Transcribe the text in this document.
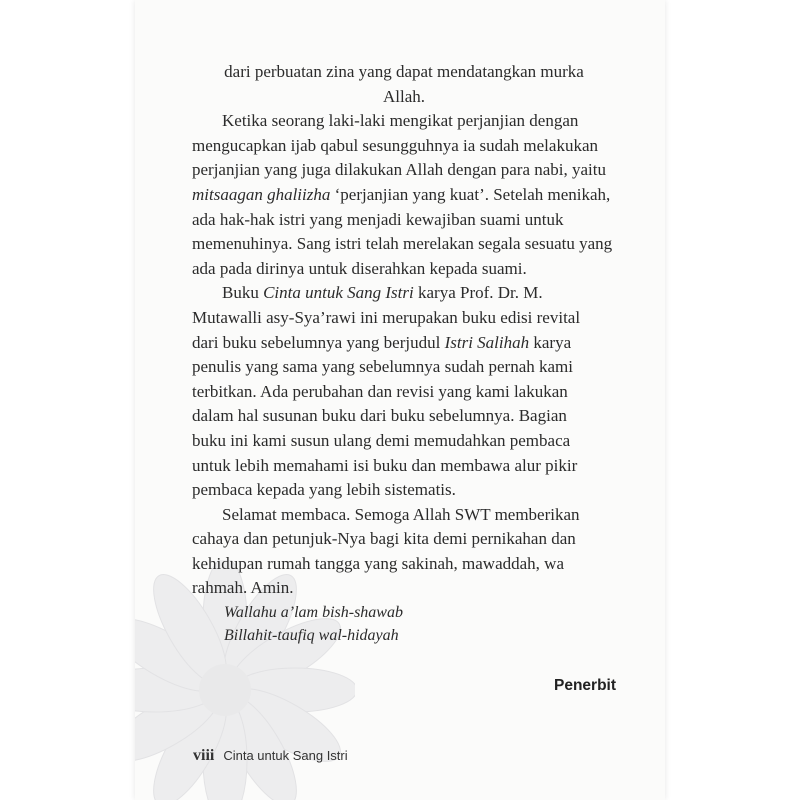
dari perbuatan zina yang dapat mendatangkan murka
Allah.

Ketika seorang laki-laki mengikat perjanjian dengan
mengucapkan ijab qabul sesungguhnya ia sudah melakukan
perjanjian yang juga dilakukan Allah dengan para nabi, yaitu
mitsaagan ghaliizha ‘perjanjian yang kuat’. Setelah menikah,
ada hak-hak istri yang menjadi kewajiban suami untuk
memenuhinya. Sang istri telah merelakan segala sesuatu yang
ada pada dirinya untuk diserahkan kepada suami.

Buku Cinta untuk Sang Istri karya Prof. Dr. M.
Mutawalli asy-Sya’rawi ini merupakan buku edisi revital
dari buku sebelumnya yang berjudul Istri Salihah karya
penulis yang sama yang sebelumnya sudah pernah kami
terbitkan. Ada perubahan dan revisi yang kami lakukan
dalam hal susunan buku dari buku sebelumnya. Bagian
buku ini kami susun ulang demi memudahkan pembaca
untuk lebih memahami isi buku dan membawa alur pikir
pembaca kepada yang lebih sistematis.

Selamat membaca. Semoga Allah SWT memberikan
cahaya dan petunjuk-Nya bagi kita demi pernikahan dan
kehidupan rumah tangga yang sakinah, mawaddah, wa
rahmah. Amin.

Wallahu a’lam bish-shawab
Billahit-taufiq wal-hidayah
Penerbit
viii Cinta untuk Sang Istri
